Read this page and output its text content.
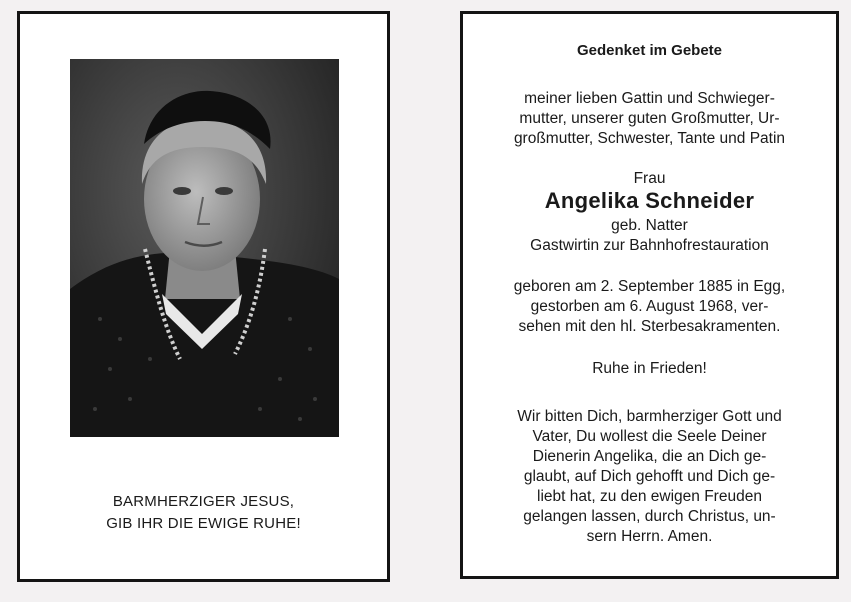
BARMHERZIGER JESUS,
GIB IHR DIE EWIGE RUHE!
Gedenket im Gebete
meiner lieben Gattin und Schwieger-
mutter, unserer guten Großmutter, Ur-
großmutter, Schwester, Tante und Patin
Frau
Angelika Schneider
geb. Natter
Gastwirtin zur Bahnhofrestauration
geboren am 2. September 1885 in Egg,
gestorben am 6. August 1968, ver-
sehen mit den hl. Sterbesakramenten.
Ruhe in Frieden!
Wir bitten Dich, barmherziger Gott und
Vater, Du wollest die Seele Deiner
Dienerin Angelika, die an Dich ge-
glaubt, auf Dich gehofft und Dich ge-
liebt hat, zu den ewigen Freuden
gelangen lassen, durch Christus, un-
sern Herrn. Amen.
